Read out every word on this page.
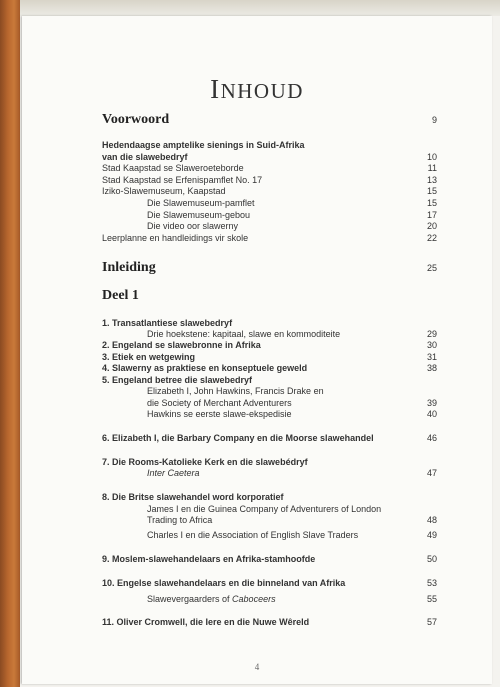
INHOUD
Voorwoord	9
Hedendaagse amptelike sienings in Suid-Afrika
van die slawebedryf	10
Stad Kaapstad se Slaweroeteborde	11
Stad Kaapstad se Erfenispamflet No. 17	13
Iziko-Slawemuseum, Kaapstad	15
Die Slawemuseum-pamflet	15
Die Slawemuseum-gebou	17
Die video oor slawerny	20
Leerplanne en handleidings vir skole	22
Inleiding	25
Deel 1
1. Transatlantiese slawebedryf
Drie hoekstene: kapitaal, slawe en kommoditeite	29
2. Engeland se slawebronne in Afrika	30
3. Etiek en wetgewing	31
4. Slawerny as praktiese en konseptuele geweld	38
5. Engeland betree die slawebedryf
Elizabeth I, John Hawkins, Francis Drake en
die Society of Merchant Adventurers	39
Hawkins se eerste slawe-ekspedisie	40
6. Elizabeth I, die Barbary Company en die Moorse slawehandel	46
7. Die Rooms-Katolieke Kerk en die slawebédryf
Inter Caetera	47
8. Die Britse slawehandel word korporatief
James I en die Guinea Company of Adventurers of London
Trading to Africa	48
Charles I en die Association of English Slave Traders	49
9. Moslem-slawehandelaars en Afrika-stamhoofde	50
10. Engelse slawehandelaars en die binneland van Afrika	53
Slawevergaarders of Caboceers	55
11. Oliver Cromwell, die Iere en die Nuwe Wêreld	57
4
